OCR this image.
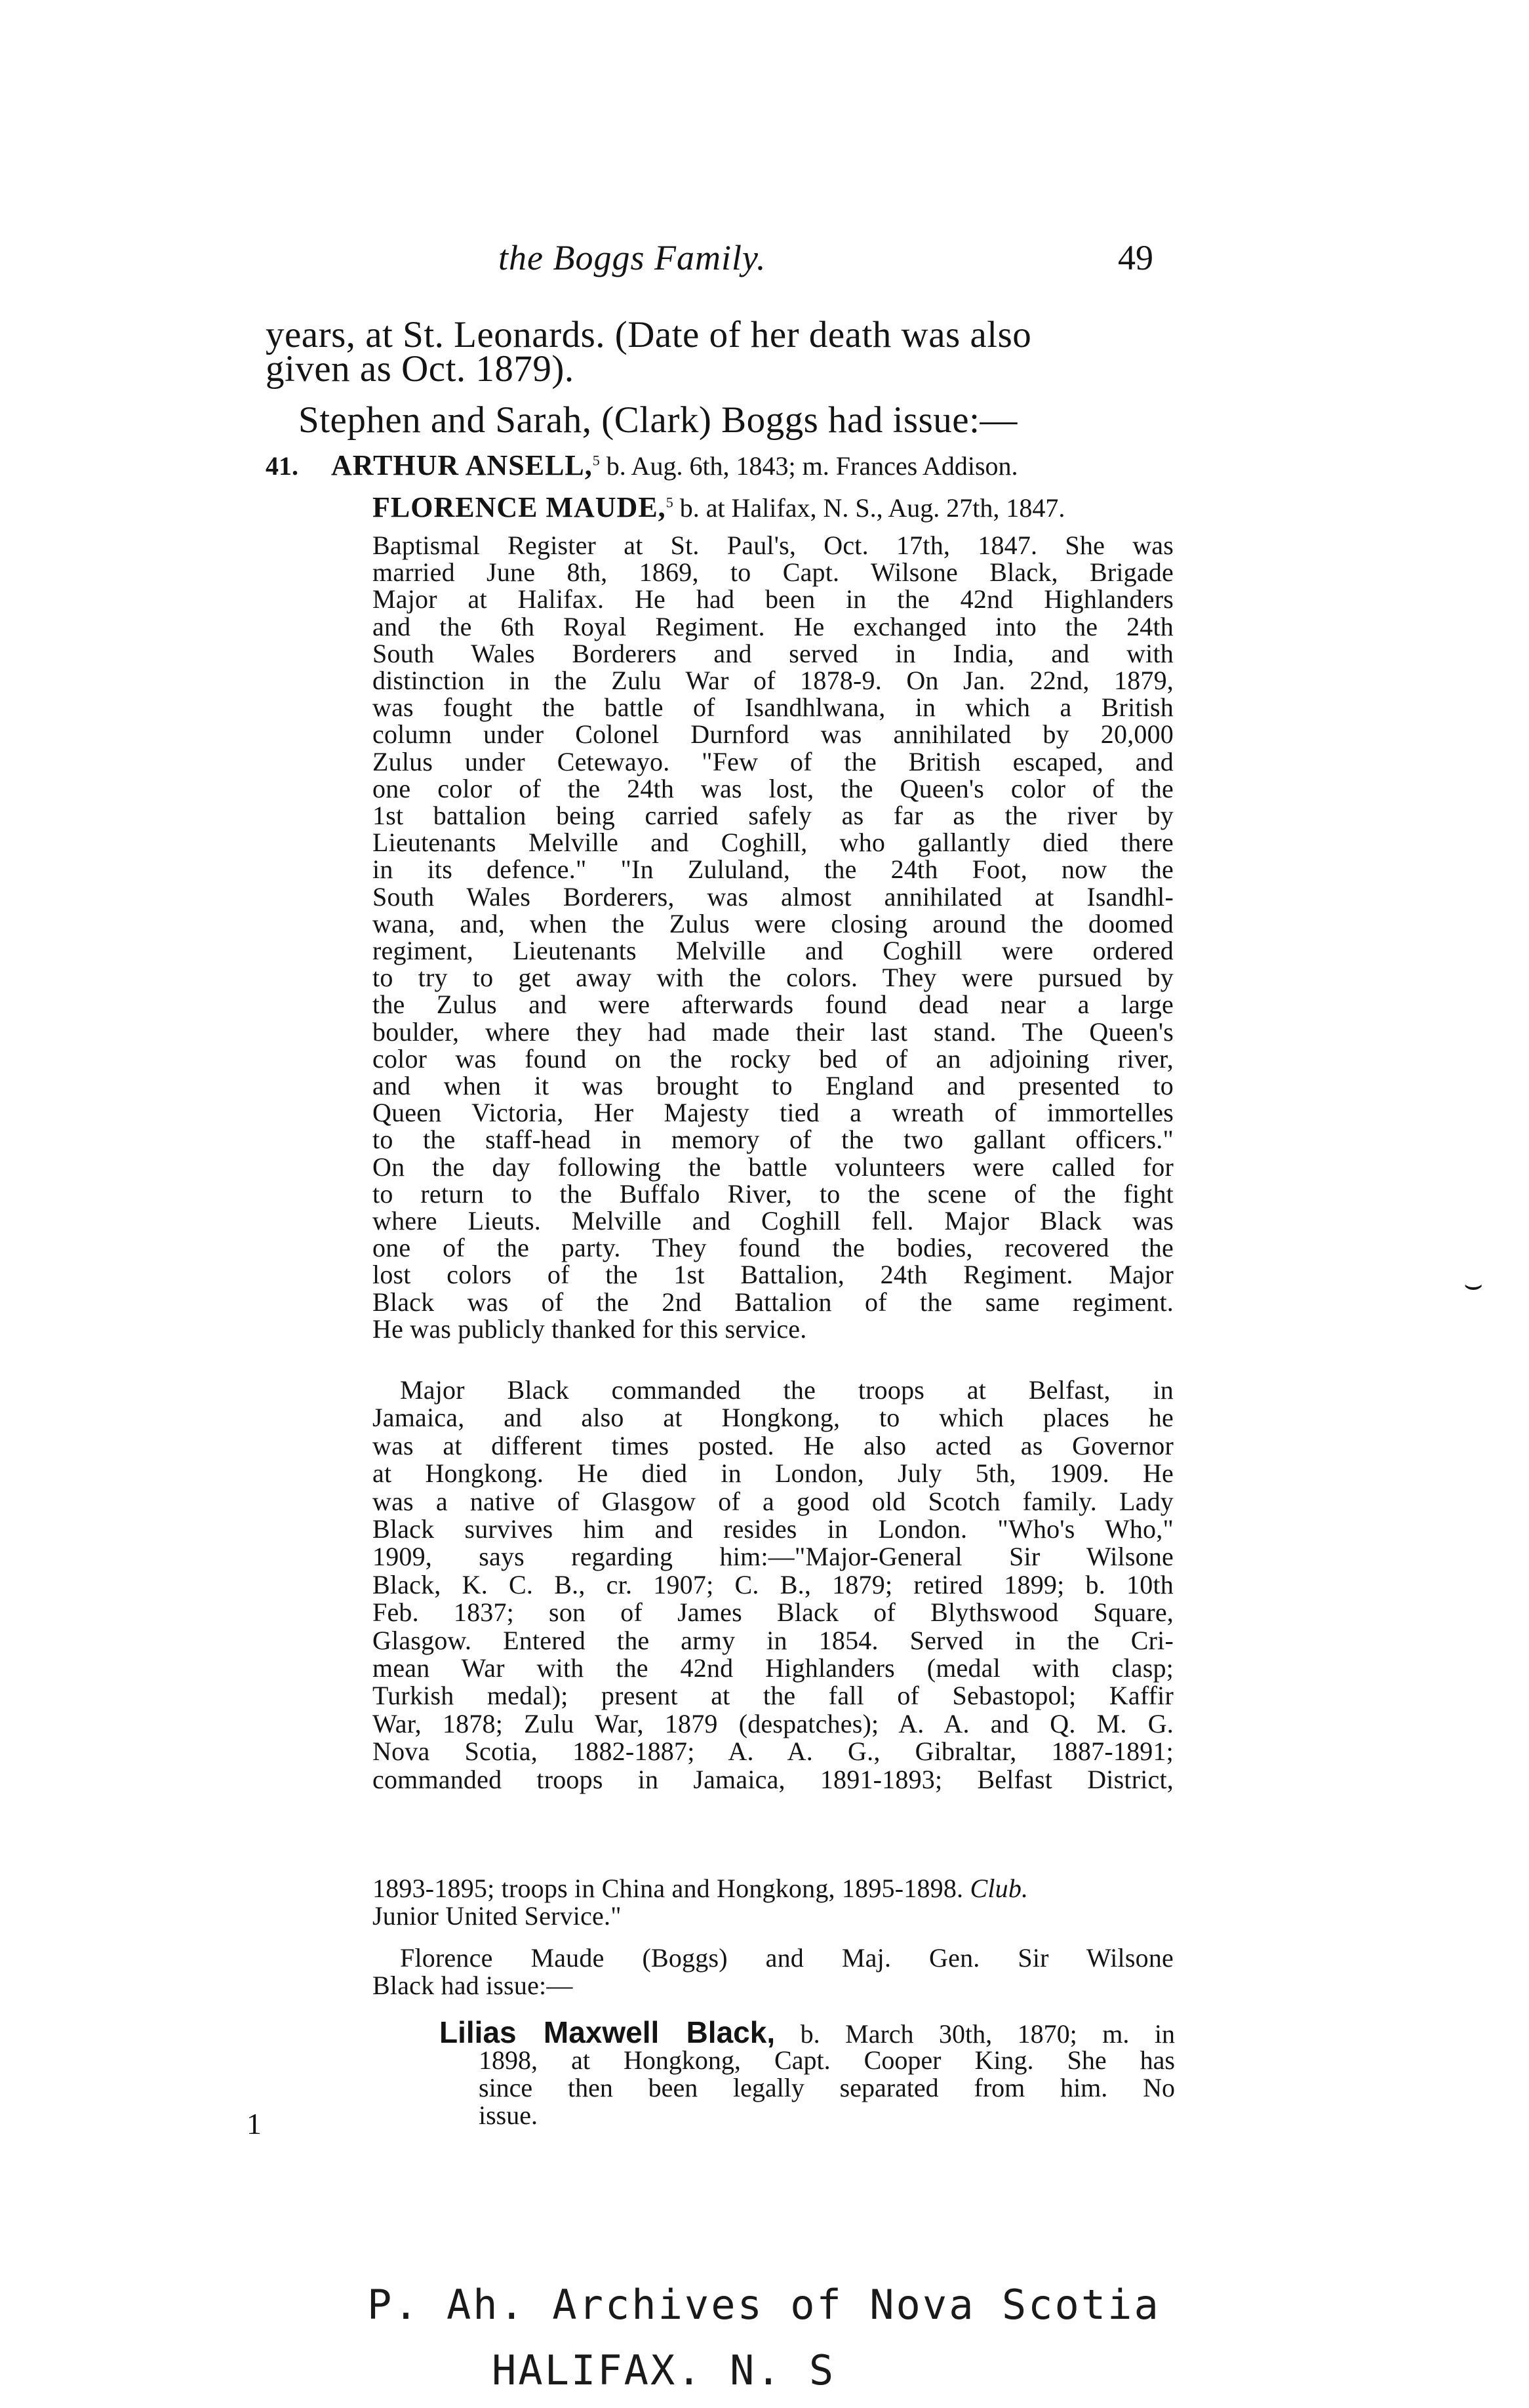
the Boggs Family.	49
years, at St. Leonards. (Date of her death was also
given as Oct. 1879).
Stephen and Sarah, (Clark) Boggs had issue:—
41. ARTHUR ANSELL,$^5$ b. Aug. 6th, 1843; m. Frances Addison.
FLORENCE MAUDE,$^5$ b. at Halifax, N. S., Aug. 27th, 1847.
Baptismal Register at St. Paul's, Oct. 17th, 1847. She was
married June 8th, 1869, to Capt. Wilsone Black, Brigade
Major at Halifax. He had been in the 42nd Highlanders
and the 6th Royal Regiment. He exchanged into the 24th
South Wales Borderers and served in India, and with
distinction in the Zulu War of 1878-9. On Jan. 22nd, 1879,
was fought the battle of Isandhlwana, in which a British
column under Colonel Durnford was annihilated by 20,000
Zulus under Cetewayo. "Few of the British escaped, and
one color of the 24th was lost, the Queen's color of the
1st battalion being carried safely as far as the river by
Lieutenants Melville and Coghill, who gallantly died there
in its defence." "In Zululand, the 24th Foot, now the
South Wales Borderers, was almost annihilated at Isandhl-
wana, and, when the Zulus were closing around the doomed
regiment, Lieutenants Melville and Coghill were ordered
to try to get away with the colors. They were pursued by
the Zulus and were afterwards found dead near a large
boulder, where they had made their last stand. The Queen's
color was found on the rocky bed of an adjoining river,
and when it was brought to England and presented to
Queen Victoria, Her Majesty tied a wreath of immortelles
to the staff-head in memory of the two gallant officers."
On the day following the battle volunteers were called for
to return to the Buffalo River, to the scene of the fight
where Lieuts. Melville and Coghill fell. Major Black was
one of the party. They found the bodies, recovered the
lost colors of the 1st Battalion, 24th Regiment. Major
Black was of the 2nd Battalion of the same regiment.
He was publicly thanked for this service.
Major Black commanded the troops at Belfast, in
Jamaica, and also at Hongkong, to which places he
was at different times posted. He also acted as Governor
at Hongkong. He died in London, July 5th, 1909. He
was a native of Glasgow of a good old Scotch family. Lady
Black survives him and resides in London. "Who's Who,"
1909, says regarding him:—"Major-General Sir Wilsone
Black, K. C. B., cr. 1907; C. B., 1879; retired 1899; b. 10th
Feb. 1837; son of James Black of Blythswood Square,
Glasgow. Entered the army in 1854. Served in the Cri-
mean War with the 42nd Highlanders (medal with clasp;
Turkish medal); present at the fall of Sebastopol; Kaffir
War, 1878; Zulu War, 1879 (despatches); A. A. and Q. M. G.
Nova Scotia, 1882-1887; A. A. G., Gibraltar, 1887-1891;
commanded troops in Jamaica, 1891-1893; Belfast District,
1893-1895; troops in China and Hongkong, 1895-1898. Club.
Junior United Service."
Florence Maude (Boggs) and Maj. Gen. Sir Wilsone
Black had issue:—
Lilias Maxwell Black, b. March 30th, 1870; m. in
1898, at Hongkong, Capt. Cooper King. She has
since then been legally separated from him. No
issue.
1
⌣
P. Ah. Archives of Nova Scotia
HALIFAX. N. S
